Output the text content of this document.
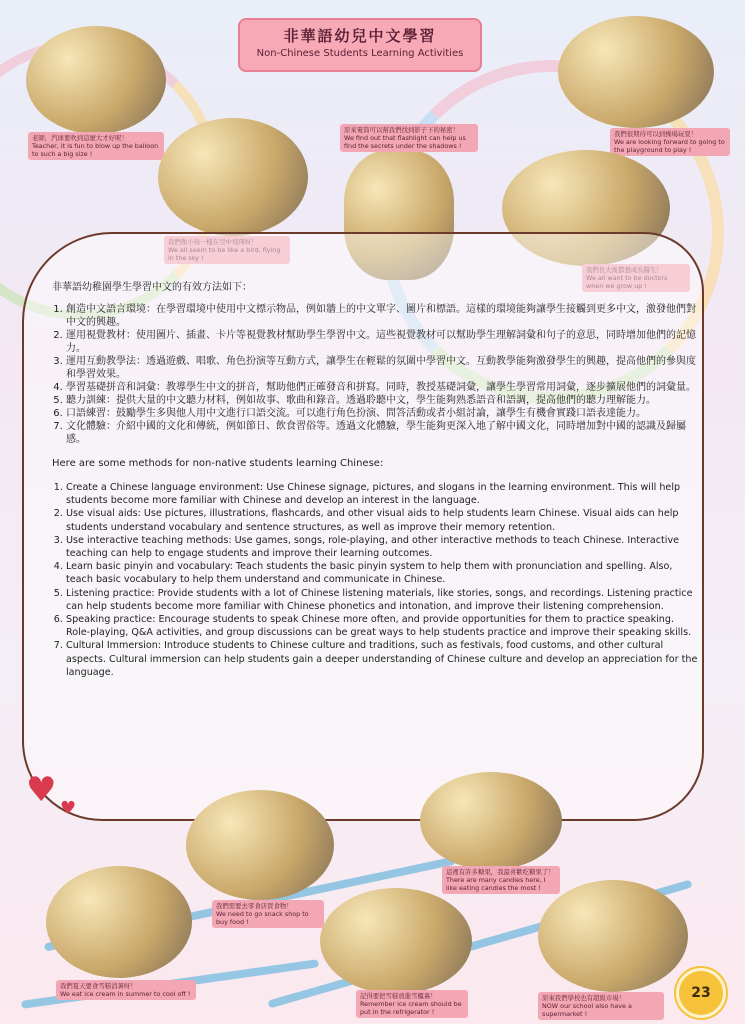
非華語幼兒中文學習
Non-Chinese Students Learning Activities
老師，汽球要吹到這麼大才好呢！
Teacher, it is fun to blow up the balloon to such a big size !
我們像小鳥一樣在空中飛翔呀！
We all seem to be like a bird, flying in the sky !
原來電筒可以幫我們找到影子下的秘密！
We find out that flashlight can help us find the secrets under the shadows !
我們很期待可以到操場玩耍！
We are looking forward to going to the playground to play !
我們長大後都想成為醫生！
We all want to be doctors when we grow up !
非華語幼稚園學生學習中文的有效方法如下：
1. 創造中文語言環境：在學習環境中使用中文標示物品，例如牆上的中文單字、圖片和標語。這樣的環境能夠讓學生接觸到更多中文，激發他們對中文的興趣。
2. 運用視覺教材：使用圖片、插畫、卡片等視覺教材幫助學生學習中文。這些視覺教材可以幫助學生理解詞彙和句子的意思，同時增加他們的記憶力。
3. 運用互動教學法：透過遊戲、唱歌、角色扮演等互動方式，讓學生在輕鬆的氛圍中學習中文。互動教學能夠激發學生的興趣，提高他們的參與度和學習效果。
4. 學習基礎拼音和詞彙：教導學生中文的拼音，幫助他們正確發音和拼寫。同時，教授基礎詞彙，讓學生學習常用詞彙，逐步擴展他們的詞彙量。
5. 聽力訓練：提供大量的中文聽力材料，例如故事、歌曲和錄音。透過聆聽中文，學生能夠熟悉語音和語調，提高他們的聽力理解能力。
6. 口語練習：鼓勵學生多與他人用中文進行口語交流。可以進行角色扮演、問答活動或者小組討論，讓學生有機會實踐口語表達能力。
7. 文化體驗：介紹中國的文化和傳統，例如節日、飲食習俗等。透過文化體驗，學生能夠更深入地了解中國文化，同時增加對中國的認識及歸屬感。
Here are some methods for non-native students learning Chinese:
1. Create a Chinese language environment: Use Chinese signage, pictures, and slogans in the learning environment. This will help students become more familiar with Chinese and develop an interest in the language.
2. Use visual aids: Use pictures, illustrations, flashcards, and other visual aids to help students learn Chinese. Visual aids can help students understand vocabulary and sentence structures, as well as improve their memory retention.
3. Use interactive teaching methods: Use games, songs, role-playing, and other interactive methods to teach Chinese. Interactive teaching can help to engage students and improve their learning outcomes.
4. Learn basic pinyin and vocabulary: Teach students the basic pinyin system to help them with pronunciation and spelling. Also, teach basic vocabulary to help them understand and communicate in Chinese.
5. Listening practice: Provide students with a lot of Chinese listening materials, like stories, songs, and recordings. Listening practice can help students become more familiar with Chinese phonetics and intonation, and improve their listening comprehension.
6. Speaking practice: Encourage students to speak Chinese more often, and provide opportunities for them to practice speaking. Role-playing, Q&A activities, and group discussions can be great ways to help students practice and improve their speaking skills.
7. Cultural Immersion: Introduce students to Chinese culture and traditions, such as festivals, food customs, and other cultural aspects. Cultural immersion can help students gain a deeper understanding of Chinese culture and develop an appreciation for the language.
♥ ♥
這裡有許多糖果，我最喜歡吃糖果了！
There are many candies here, I like eating candies the most !
我們需要去零食店買食物！
We need to go snack shop to buy food !
我們夏天要食雪糕消暑呀！
We eat ice cream in summer to cool off !	記得要把雪糕放進雪櫃裏！
Remember ice cream should be put in the refrigerator !
原來我們學校也有超級市場！
NOW our school also have a supermarket !
23
